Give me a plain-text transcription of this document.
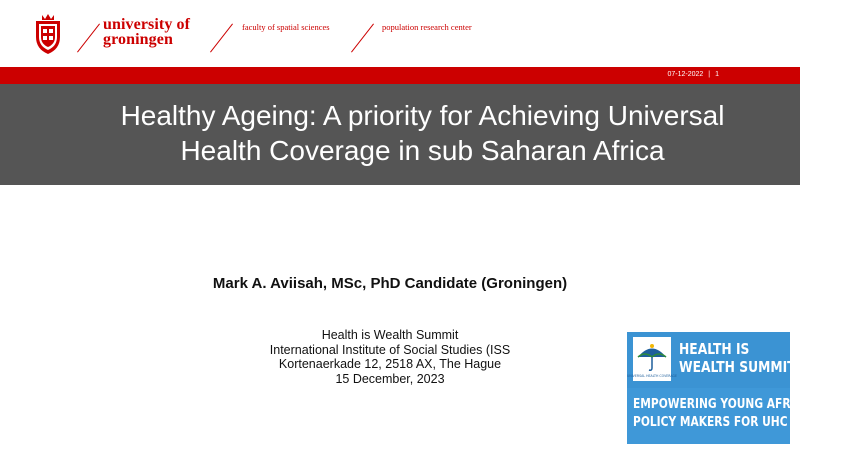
university of
groningen
faculty of spatial sciences	population research center
07-12-2022 | 1
Healthy Ageing: A priority for Achieving Universal
Health Coverage in sub Saharan Africa
Mark A. Aviisah, MSc, PhD Candidate (Groningen)
Health is Wealth Summit
International Institute of Social Studies (ISS
Kortenaerkade 12, 2518 AX, The Hague
15 December, 2023	UNIVERSAL HEALTH COVERAGE
HEALTH IS
WEALTH SUMMIT
EMPOWERING YOUNG AFRICAN
POLICY MAKERS FOR UHC
